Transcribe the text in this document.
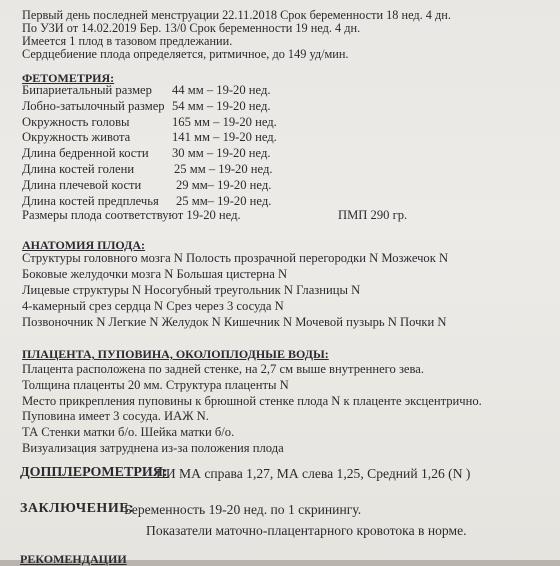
Первый день последней менструации 22.11.2018 Срок беременности 18 нед. 4 дн.
По УЗИ от 14.02.2019 Бер. 13/0 Срок беременности 19 нед. 4 дн.
Имеется 1 плод в тазовом предлежании.
Сердцебиение плода определяется, ритмичное, до 149 уд/мин.
ФЕТОМЕТРИЯ:
Бипариетальный размер 44 мм – 19-20 нед.
Лобно-затылочный размер 54 мм – 19-20 нед.
Окружность головы	165 мм – 19-20 нед.
Окружность живота	141 мм – 19-20 нед.
Длина бедренной кости 30 мм – 19-20 нед.
Длина костей голени	25 мм – 19-20 нед.
Длина плечевой кости	29 мм– 19-20 нед.
Длина костей предплечья 25 мм– 19-20 нед.
Размеры плода соответствуют 19-20 нед.	ПМП 290 гр.
АНАТОМИЯ ПЛОДА:
Структуры головного мозга N Полость прозрачной перегородки N Мозжечок N
Боковые желудочки мозга N Большая цистерна N
Лицевые структуры N Носогубный треугольник N Глазницы N
4-камерный срез сердца N Срез через 3 сосуда N
Позвоночник N Легкие N Желудок N Кишечник N Мочевой пузырь N Почки N
ПЛАЦЕНТА, ПУПОВИНА, ОКОЛОПЛОДНЫЕ ВОДЫ:
Плацента расположена по задней стенке, на 2,7 см выше внутреннего зева.
Толщина плаценты 20 мм. Структура плаценты N
Место прикрепления пуповины к брюшной стенке плода N к плаценте эксцентрично.
Пуповина имеет 3 сосуда. ИАЖ N.
ТА Стенки матки б/о. Шейка матки б/о.
Визуализация затруднена из-за положения плода
ДОППЛЕРОМЕТРИЯ:
ПИ МА справа 1,27, МА слева 1,25, Средний 1,26 (N )
ЗАКЛЮЧЕНИЕ:
Беременность 19-20 нед. по 1 скринингу.
Показатели маточно-плацентарного кровотока в норме.
РЕКОМЕНДАЦИИ
